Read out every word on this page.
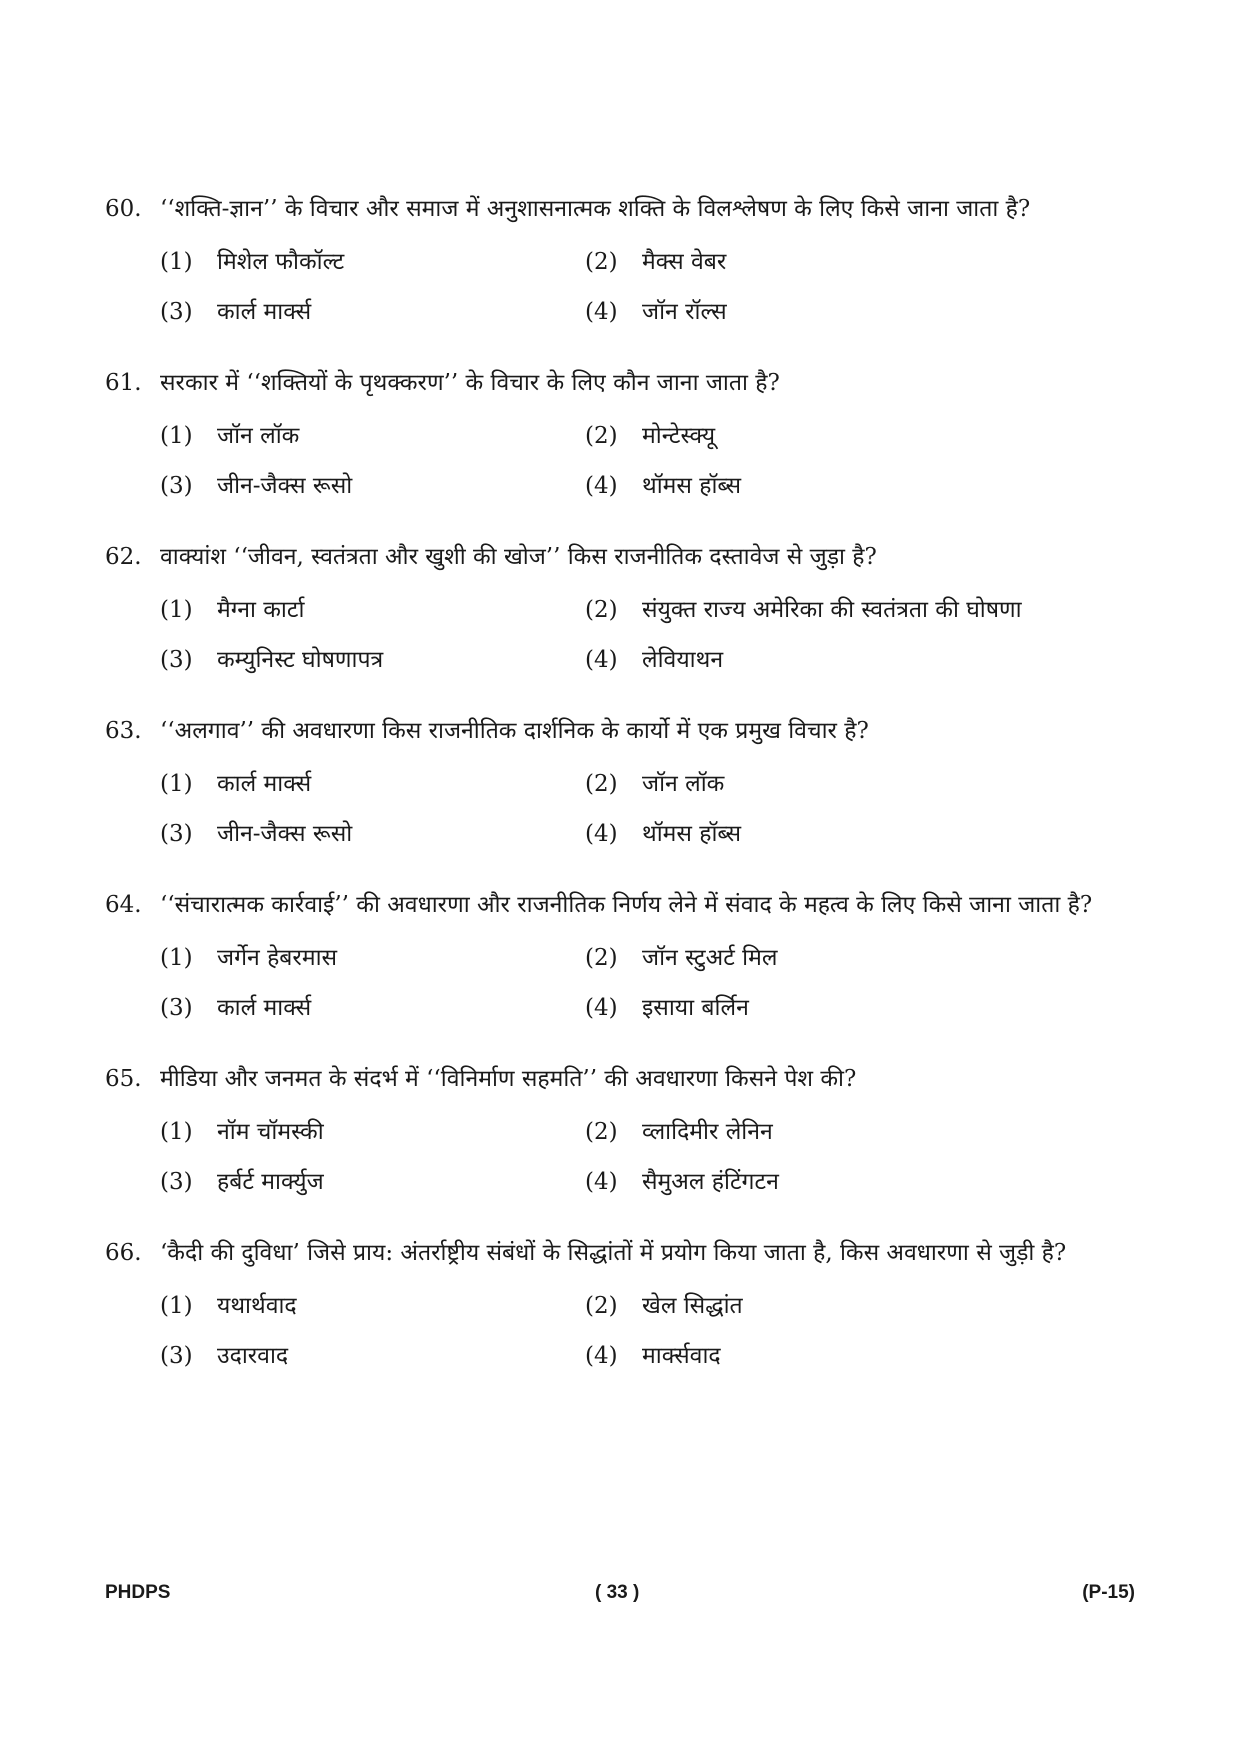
60. ‘‘शक्ति-ज्ञान’’ के विचार और समाज में अनुशासनात्मक शक्ति के विलश्लेषण के लिए किसे जाना जाता है?
(1)	मिशेल फौकॉल्ट	(2)	मैक्स वेबर
(3)	कार्ल मार्क्स	(4)	जॉन रॉल्स
61. सरकार में ‘‘शक्तियों के पृथक्करण’’ के विचार के लिए कौन जाना जाता है?
(1)	जॉन लॉक	(2)	मोन्टेस्क्यू
(3)	जीन-जैक्स रूसो	(4)	थॉमस हॉब्स
62. वाक्यांश ‘‘जीवन, स्वतंत्रता और खुशी की खोज’’ किस राजनीतिक दस्तावेज से जुड़ा है?
(1)	मैग्ना कार्टा	(2)	संयुक्त राज्य अमेरिका की स्वतंत्रता की घोषणा
(3)	कम्युनिस्ट घोषणापत्र	(4)	लेवियाथन
63. ‘‘अलगाव’’ की अवधारणा किस राजनीतिक दार्शनिक के कार्यो में एक प्रमुख विचार है?
(1)	कार्ल मार्क्स	(2)	जॉन लॉक
(3)	जीन-जैक्स रूसो	(4)	थॉमस हॉब्स
64. ‘‘संचारात्मक कार्रवाई’’ की अवधारणा और राजनीतिक निर्णय लेने में संवाद के महत्व के लिए किसे जाना जाता है?
(1)	जर्गेन हेबरमास	(2)	जॉन स्टुअर्ट मिल
(3)	कार्ल मार्क्स	(4)	इसाया बर्लिन
65. मीडिया और जनमत के संदर्भ में ‘‘विनिर्माण सहमति’’ की अवधारणा किसने पेश की?
(1)	नॉम चॉमस्की	(2)	व्लादिमीर लेनिन
(3)	हर्बर्ट मार्क्युज	(4)	सैमुअल हंटिंगटन
66. ‘कैदी की दुविधा’ जिसे प्राय: अंतर्राष्ट्रीय संबंधों के सिद्धांतों में प्रयोग किया जाता है, किस अवधारणा से जुड़ी है?
(1)	यथार्थवाद	(2)	खेल सिद्धांत
(3)	उदारवाद	(4)	मार्क्सवाद
PHDPS	( 33 )	(P-15)
